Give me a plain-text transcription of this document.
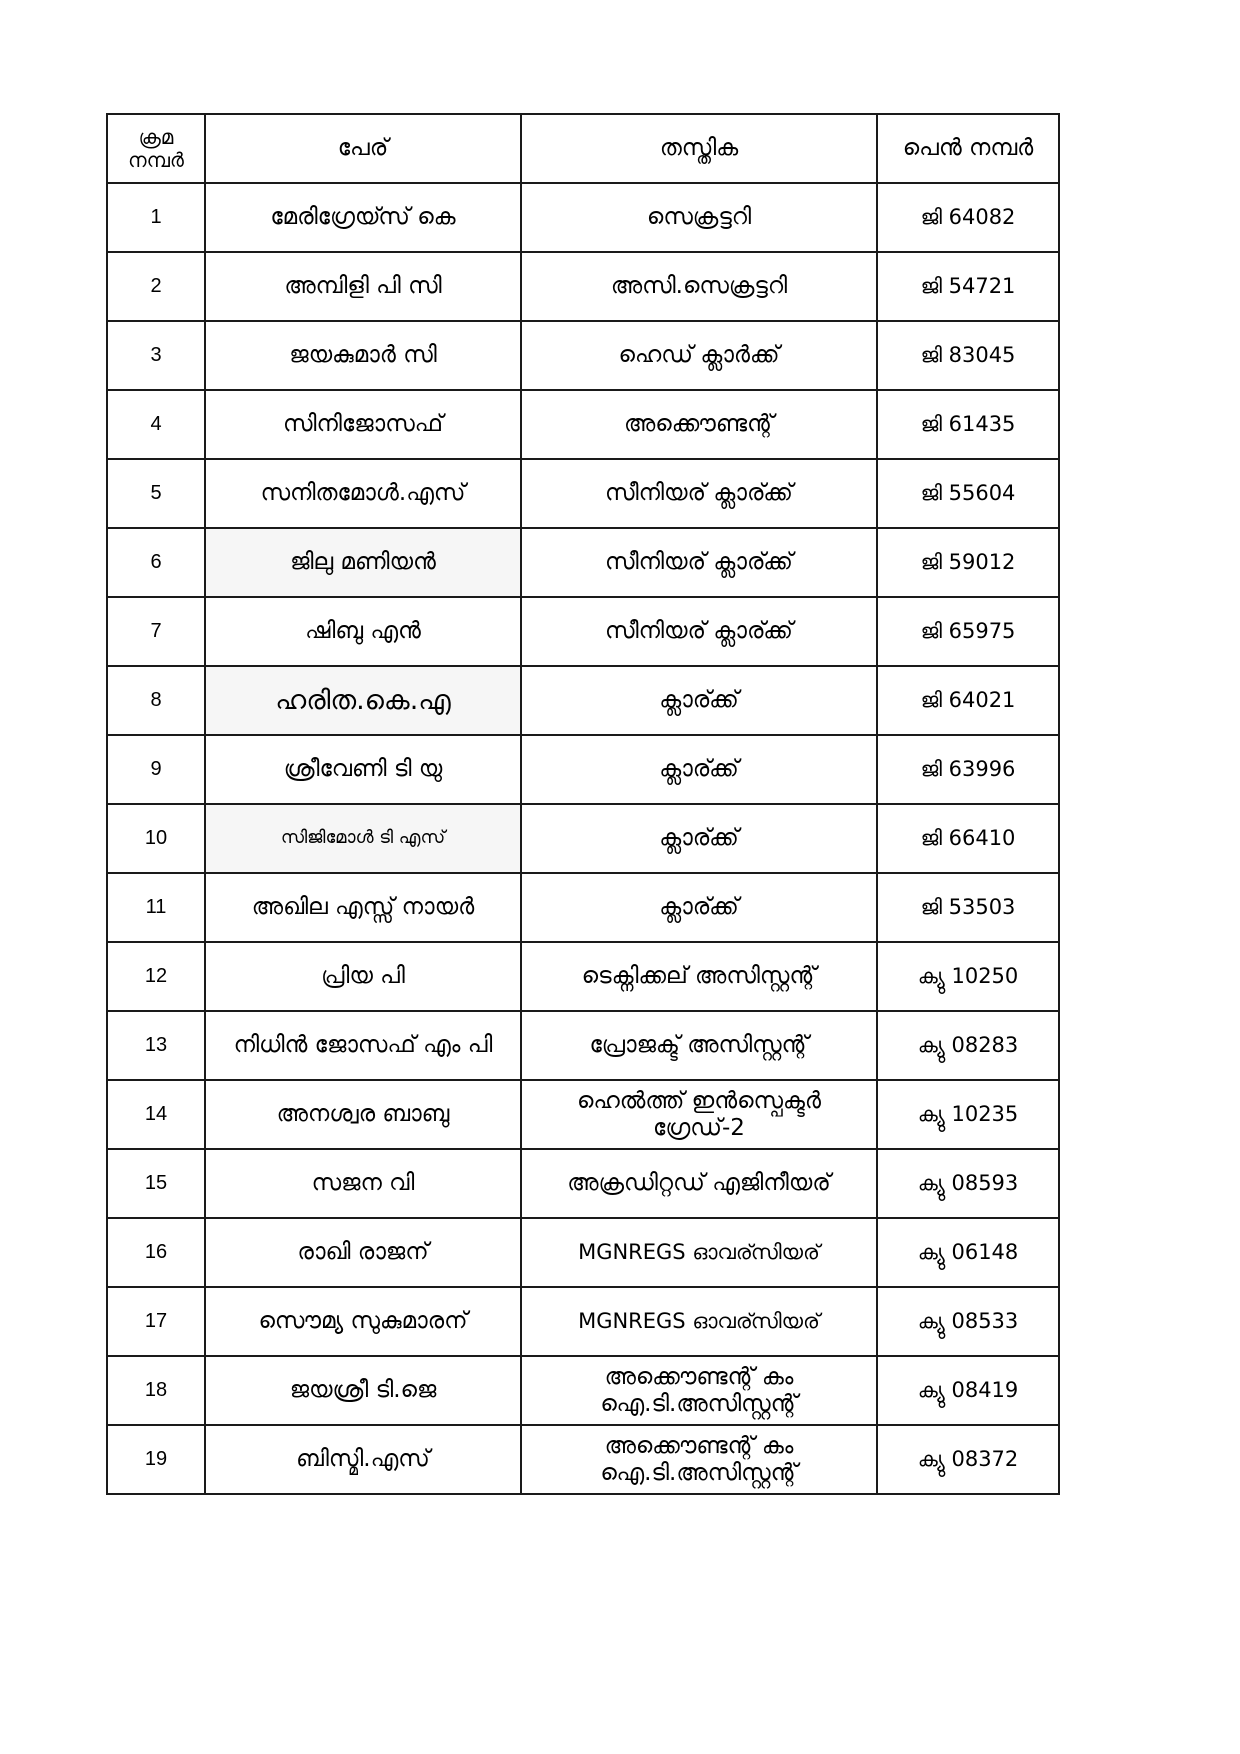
ക്രമ നമ്പർ	പേര്	തസ്തിക	പെൻ നമ്പർ
1	മേരിഗ്രേയ്സ് കെ	സെക്രട്ടറി	ജി 64082
2	അമ്പിളി പി സി	അസി.സെക്രട്ടറി	ജി 54721
3	ജയകുമാർ സി	ഹെഡ് ക്ലാർക്ക്	ജി 83045
4	സിനിജോസഫ്	അക്കൌണ്ടന്റ്	ജി 61435
5	സനിതമോൾ.എസ്	സീനിയര് ക്ലാര്ക്ക്	ജി 55604
6	ജിലു മണിയൻ	സീനിയര് ക്ലാര്ക്ക്	ജി 59012
7	ഷിബു എൻ	സീനിയര് ക്ലാര്ക്ക്	ജി 65975
8	ഹരിത.കെ.എ	ക്ലാര്ക്ക്	ജി 64021
9	ശ്രീവേണി ടി യു	ക്ലാര്ക്ക്	ജി 63996
10	സിജിമോൾ ടി എസ്	ക്ലാര്ക്ക്	ജി 66410
11	അഖില എസ്സ് നായർ	ക്ലാര്ക്ക്	ജി 53503
12	പ്രിയ പി	ടെക്നിക്കല് അസിസ്റ്റന്റ്	ക്യു 10250
13	നിധിൻ ജോസഫ് എം പി	പ്രോജക്ട് അസിസ്റ്റന്റ്	ക്യു 08283
14	അനശ്വര ബാബു	ഹെൽത്ത് ഇൻസ്പെക്ടർ ഗ്രേഡ്-2	ക്യു 10235
15	സജന വി	അക്രഡിറ്റഡ് എജിനീയര്	ക്യു 08593
16	രാഖി രാജന്	MGNREGS ഓവര്സിയര്	ക്യു 06148
17	സൌമ്യ സുകുമാരന്	MGNREGS ഓവര്സിയര്	ക്യു 08533
18	ജയശ്രീ ടി.ജെ	അക്കൌണ്ടന്റ് കം ഐ.ടി.അസിസ്റ്റന്റ്	ക്യു 08419
19	ബിസ്മി.എസ്	അക്കൌണ്ടന്റ് കം ഐ.ടി.അസിസ്റ്റന്റ്	ക്യു 08372
